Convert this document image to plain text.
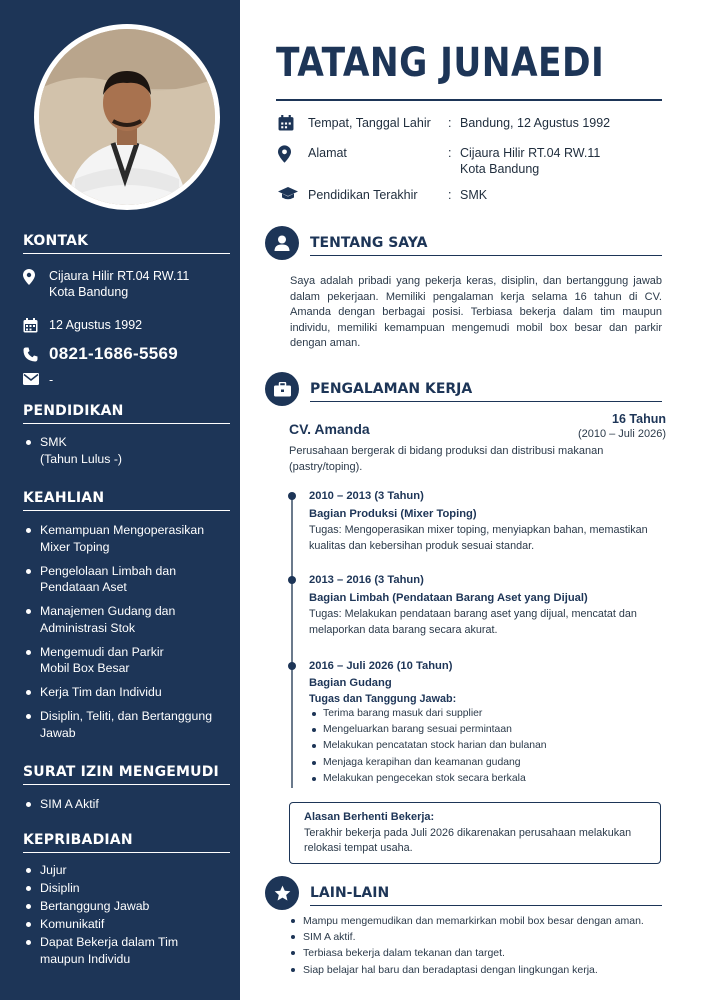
KONTAK
Cijaura Hilir RT.04 RW.11
Kota Bandung
12 Agustus 1992
0821-1686-5569
-
PENDIDIKAN
SMK
(Tahun Lulus -)
KEAHLIAN
Kemampuan Mengoperasikan
Mixer Toping
Pengelolaan Limbah dan
Pendataan Aset
Manajemen Gudang dan
Administrasi Stok
Mengemudi dan Parkir
Mobil Box Besar
Kerja Tim dan Individu
Disiplin, Teliti, dan Bertanggung
Jawab
SURAT IZIN MENGEMUDI
SIM A Aktif
KEPRIBADIAN
Jujur
Disiplin
Bertanggung Jawab
Komunikatif
Dapat Bekerja dalam Tim
maupun Individu
TATANG JUNAEDI
Tempat, Tanggal Lahir	: Bandung, 12 Agustus 1992
Alamat	: Cijaura Hilir RT.04 RW.11
Kota Bandung
Pendidikan Terakhir	: SMK
TENTANG SAYA

Saya adalah pribadi yang pekerja keras, disiplin, dan bertanggung jawab dalam pekerjaan. Memiliki pengalaman kerja selama 16 tahun di CV. Amanda dengan berbagai posisi. Terbiasa bekerja dalam tim maupun individu, memiliki kemampuan mengemudi mobil box besar dan parkir dengan aman.

PENGALAMAN KERJA
CV. Amanda
16 Tahun
(2010 – Juli 2026)
Perusahaan bergerak di bidang produksi dan distribusi makanan (pastry/toping).
2010 – 2013 (3 Tahun)
Bagian Produksi (Mixer Toping)
Tugas: Mengoperasikan mixer toping, menyiapkan bahan, memastikan kualitas dan kebersihan produk sesuai standar.
2013 – 2016 (3 Tahun)
Bagian Limbah (Pendataan Barang Aset yang Dijual)
Tugas: Melakukan pendataan barang aset yang dijual, mencatat dan melaporkan data barang secara akurat.
2016 – Juli 2026 (10 Tahun)
Bagian Gudang
Tugas dan Tanggung Jawab:
Terima barang masuk dari supplier
Mengeluarkan barang sesuai permintaan
Melakukan pencatatan stock harian dan bulanan
Menjaga kerapihan dan keamanan gudang
Melakukan pengecekan stok secara berkala
Alasan Berhenti Bekerja:
Terakhir bekerja pada Juli 2026 dikarenakan perusahaan melakukan relokasi tempat usaha.
LAIN-LAIN
Mampu mengemudikan dan memarkirkan mobil box besar dengan aman.
SIM A aktif.
Terbiasa bekerja dalam tekanan dan target.
Siap belajar hal baru dan beradaptasi dengan lingkungan kerja.
